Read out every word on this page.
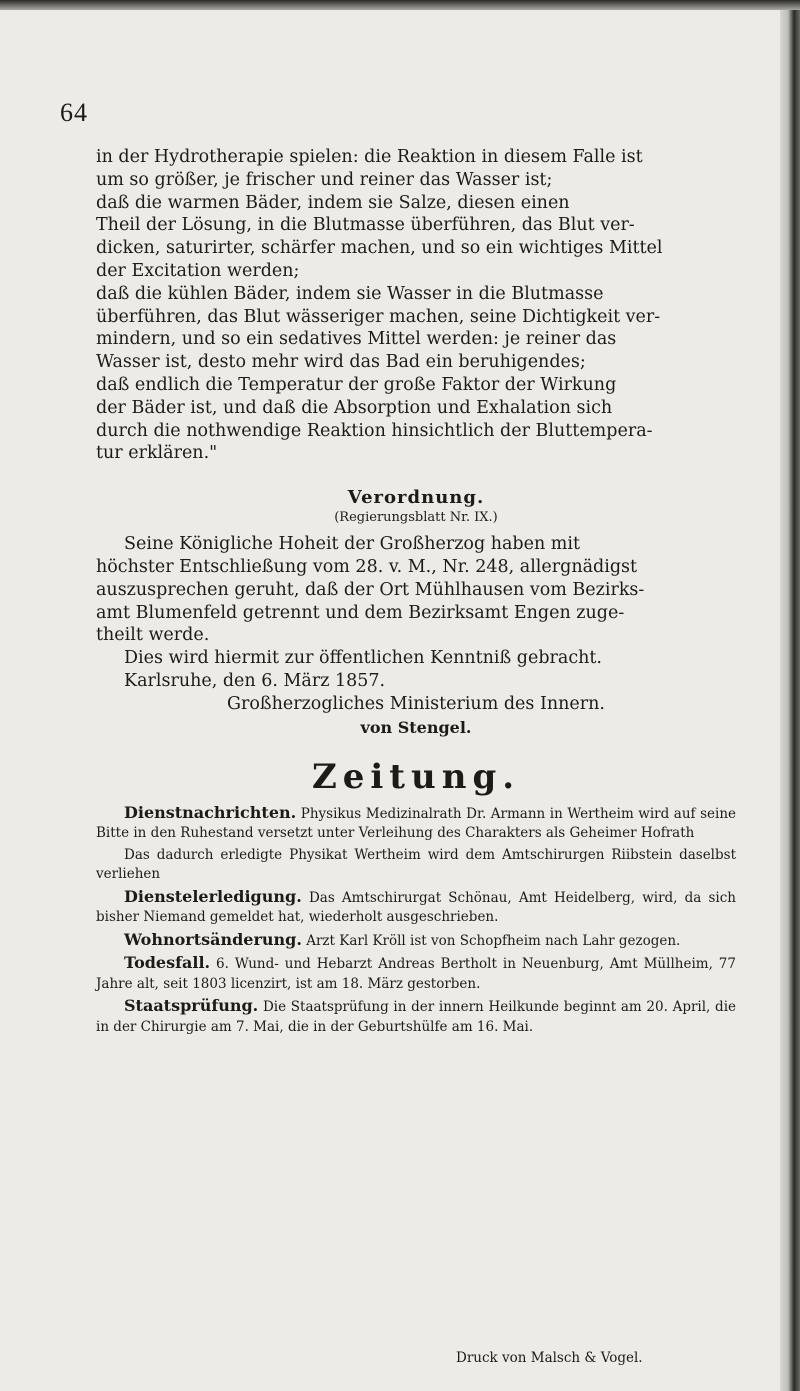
64

in der Hydrotherapie spielen: die Reaktion in diesem Falle ist
um so größer, je frischer und reiner das Wasser ist;
daß die warmen Bäder, indem sie Salze, diesen einen
Theil der Lösung, in die Blutmasse überführen, das Blut ver-
dicken, saturirter, schärfer machen, und so ein wichtiges Mittel
der Excitation werden;
daß die kühlen Bäder, indem sie Wasser in die Blutmasse
überführen, das Blut wässeriger machen, seine Dichtigkeit ver-
mindern, und so ein sedatives Mittel werden: je reiner das
Wasser ist, desto mehr wird das Bad ein beruhigendes;
daß endlich die Temperatur der große Faktor der Wirkung
der Bäder ist, und daß die Absorption und Exhalation sich
durch die nothwendige Reaktion hinsichtlich der Bluttempera-
tur erklären."

Verordnung.
(Regierungsblatt Nr. IX.)

Seine Königliche Hoheit der Großherzog haben mit
höchster Entschließung vom 28. v. M., Nr. 248, allergnädigst
auszusprechen geruht, daß der Ort Mühlhausen vom Bezirks-
amt Blumenfeld getrennt und dem Bezirksamt Engen zuge-
theilt werde.
Dies wird hiermit zur öffentlichen Kenntniß gebracht.
Karlsruhe, den 6. März 1857.
Großherzogliches Ministerium des Innern.

von Stengel.
Zeitung.

Dienstnachrichten. Physikus Medizinalrath Dr. Armann in Wertheim wird auf seine Bitte in den Ruhestand versetzt unter Verleihung des Charakters als Geheimer Hofrath

Das dadurch erledigte Physikat Wertheim wird dem Amtschirurgen Riibstein daselbst verliehen

Dienstelerledigung. Das Amtschirurgat Schönau, Amt Heidelberg, wird, da sich bisher Niemand gemeldet hat, wiederholt ausgeschrieben.

Wohnortsänderung. Arzt Karl Kröll ist von Schopfheim nach Lahr gezogen.

Todesfall. 6. Wund- und Hebarzt Andreas Bertholt in Neuenburg, Amt Müllheim, 77 Jahre alt, seit 1803 licenzirt, ist am 18. März gestorben.

Staatsprüfung. Die Staatsprüfung in der innern Heilkunde beginnt am 20. April, die in der Chirurgie am 7. Mai, die in der Geburtshülfe am 16. Mai.

Druck von Malsch & Vogel.
